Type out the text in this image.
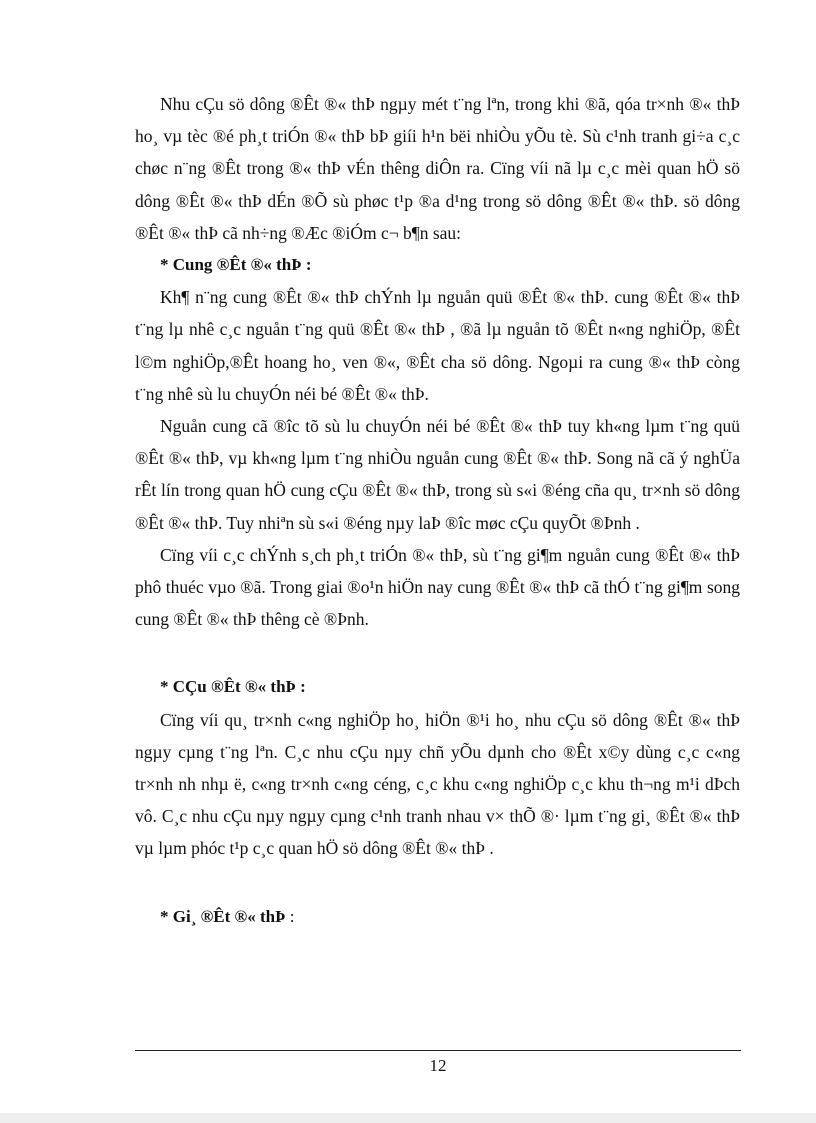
Nhu cÇu sö dông ®Êt ®« thÞ ngµy mét t¨ng lªn, trong khi ®ã, qóa tr×nh ®« thÞ ho¸ vµ tèc ®é ph¸t triÓn ®« thÞ bÞ giíi h¹n bëi nhiÒu yÕu tè. Sù c¹nh tranh gi÷a c¸c chøc n¨ng ®Êt trong ®« thÞ vÉn thêng diÔn ra. Cïng víi nã lµ c¸c mèi quan hÖ sö dông ®Êt ®« thÞ dÉn ®Õ sù phøc t¹p ®a d¹ng trong sö dông ®Êt ®« thÞ. sö dông ®Êt ®« thÞ cã nh÷ng ®Æc ®iÓm c¬ b¶n sau:

* Cung ®Êt ®« thÞ :

Kh¶ n¨ng cung ®Êt ®« thÞ chÝnh lµ nguån quü ®Êt ®« thÞ. cung ®Êt ®« thÞ t¨ng lµ nhê c¸c nguån t¨ng quü ®Êt ®« thÞ , ®ã lµ nguån tõ ®Êt n«ng nghiÖp, ®Êt l©m nghiÖp,®Êt hoang ho¸ ven ®«, ®Êt cha sö dông. Ngoµi ra cung ®« thÞ còng t¨ng nhê sù lu chuyÓn néi bé ®Êt ®« thÞ.

Nguån cung cã ®îc tõ sù lu chuyÓn néi bé ®Êt ®« thÞ tuy kh«ng lµm t¨ng quü ®Êt ®« thÞ, vµ kh«ng lµm t¨ng nhiÒu nguån cung ®Êt ®« thÞ. Song nã cã ý nghÜa rÊt lín trong quan hÖ cung cÇu ®Êt ®« thÞ, trong sù s«i ®éng cña qu¸ tr×nh sö dông ®Êt ®« thÞ. Tuy nhiªn sù s«i ®éng nµy laÞ ®îc møc cÇu quyÕt ®Þnh .

Cïng víi c¸c chÝnh s¸ch ph¸t triÓn ®« thÞ, sù t¨ng gi¶m nguån cung ®Êt ®« thÞ phô thuéc vµo ®ã. Trong giai ®o¹n hiÖn nay cung ®Êt ®« thÞ cã thÓ t¨ng gi¶m song cung ®Êt ®« thÞ thêng cè ®Þnh.

* CÇu ®Êt ®« thÞ :

Cïng víi qu¸ tr×nh c«ng nghiÖp ho¸ hiÖn ®¹i ho¸ nhu cÇu sö dông ®Êt ®« thÞ ngµy cµng t¨ng lªn. C¸c nhu cÇu nµy chñ yÕu dµnh cho ®Êt x©y dùng c¸c c«ng tr×nh nh nhµ ë, c«ng tr×nh c«ng céng, c¸c khu c«ng nghiÖp c¸c khu th¬ng m¹i dÞch vô. C¸c nhu cÇu nµy ngµy cµng c¹nh tranh nhau v× thÕ ®· lµm t¨ng gi¸ ®Êt ®« thÞ vµ lµm phóc t¹p c¸c quan hÖ sö dông ®Êt ®« thÞ .

* Gi¸ ®Êt ®« thÞ :

12
